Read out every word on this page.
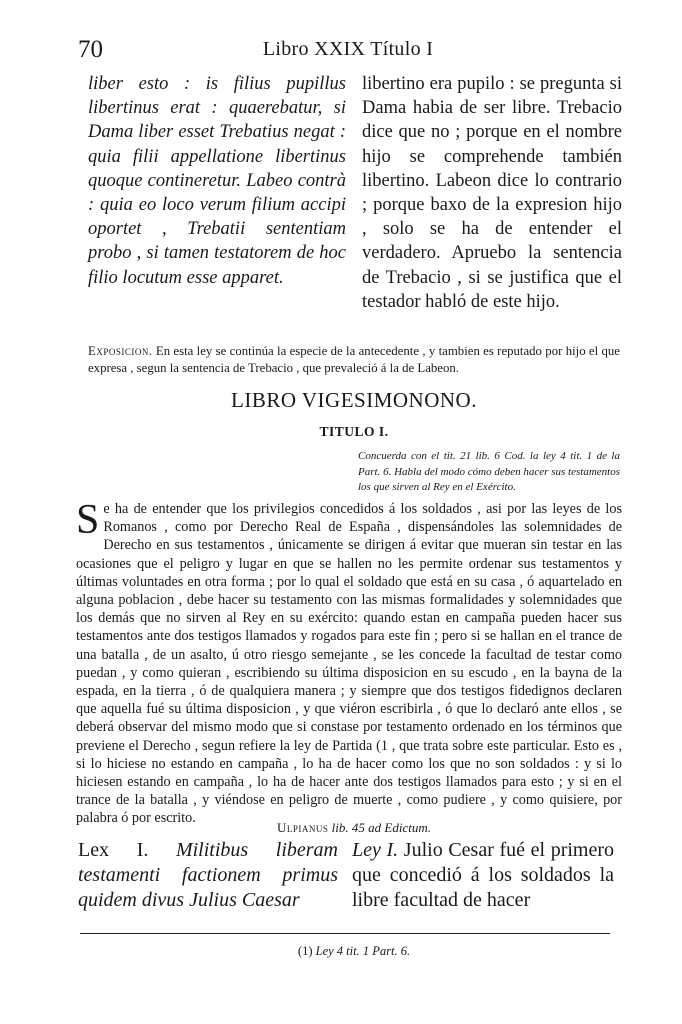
70	Libro XXIX Título I

liber esto : is filius pupillus libertinus erat : quaerebatur, si Dama liber esset Trebatius negat : quia filii appellatione libertinus quoque contineretur. Labeo contrà : quia eo loco verum filium accipi oportet , Trebatii sententiam probo , si tamen testatorem de hoc filio locutum esse apparet.

libertino era pupilo : se pregunta si Dama habia de ser libre. Trebacio dice que no ; porque en el nombre hijo se comprehende también libertino. Labeon dice lo contrario ; porque baxo de la expresion hijo , solo se ha de entender el verdadero. Apruebo la sentencia de Trebacio , si se justifica que el testador habló de este hijo.

Exposicion. En esta ley se continúa la especie de la antecedente , y tambien es reputado por hijo el que expresa , segun la sentencia de Trebacio , que prevaleció á la de Labeon.

LIBRO VIGESIMONONO.
TITULO I.

Concuerda con el tit. 21 lib. 6 Cod. la ley 4 tit. 1 de la Part. 6. Habla del modo cómo deben hacer sus testamentos los que sirven al Rey en el Exército.

Se ha de entender que los privilegios concedidos á los soldados , asi por las leyes de los Romanos , como por Derecho Real de España , dispensándoles las solemnidades de Derecho en sus testamentos , únicamente se dirigen á evitar que mueran sin testar en las ocasiones que el peligro y lugar en que se hallen no les permite ordenar sus testamentos y últimas voluntades en otra forma ; por lo qual el soldado que está en su casa , ó aquartelado en alguna poblacion , debe hacer su testamento con las mismas formalidades y solemnidades que los demás que no sirven al Rey en su exército: quando estan en campaña pueden hacer sus testamentos ante dos testigos llamados y rogados para este fin ; pero si se hallan en el trance de una batalla , de un asalto, ú otro riesgo semejante , se les concede la facultad de testar como puedan , y como quieran , escribiendo su última disposicion en su escudo , en la bayna de la espada, en la tierra , ó de qualquiera manera ; y siempre que dos testigos fidedignos declaren que aquella fué su última disposicion , y que viéron escribirla , ó que lo declaró ante ellos , se deberá observar del mismo modo que si constase por testamento ordenado en los términos que previene el Derecho , segun refiere la ley de Partida (1 , que trata sobre este particular. Esto es , si lo hiciese no estando en campaña , lo ha de hacer como los que no son soldados : y si lo hiciesen estando en campaña , lo ha de hacer ante dos testigos llamados para esto ; y si en el trance de la batalla , y viéndose en peligro de muerte , como pudiere , y como quisiere, por palabra ó por escrito.

Ulpianus lib. 45 ad Edictum.

Lex I. Militibus liberam testamenti factionem primus quidem divus Julius Caesar

Ley I. Julio Cesar fué el primero que concedió á los soldados la libre facultad de hacer

(1) Ley 4 tit. 1 Part. 6.
